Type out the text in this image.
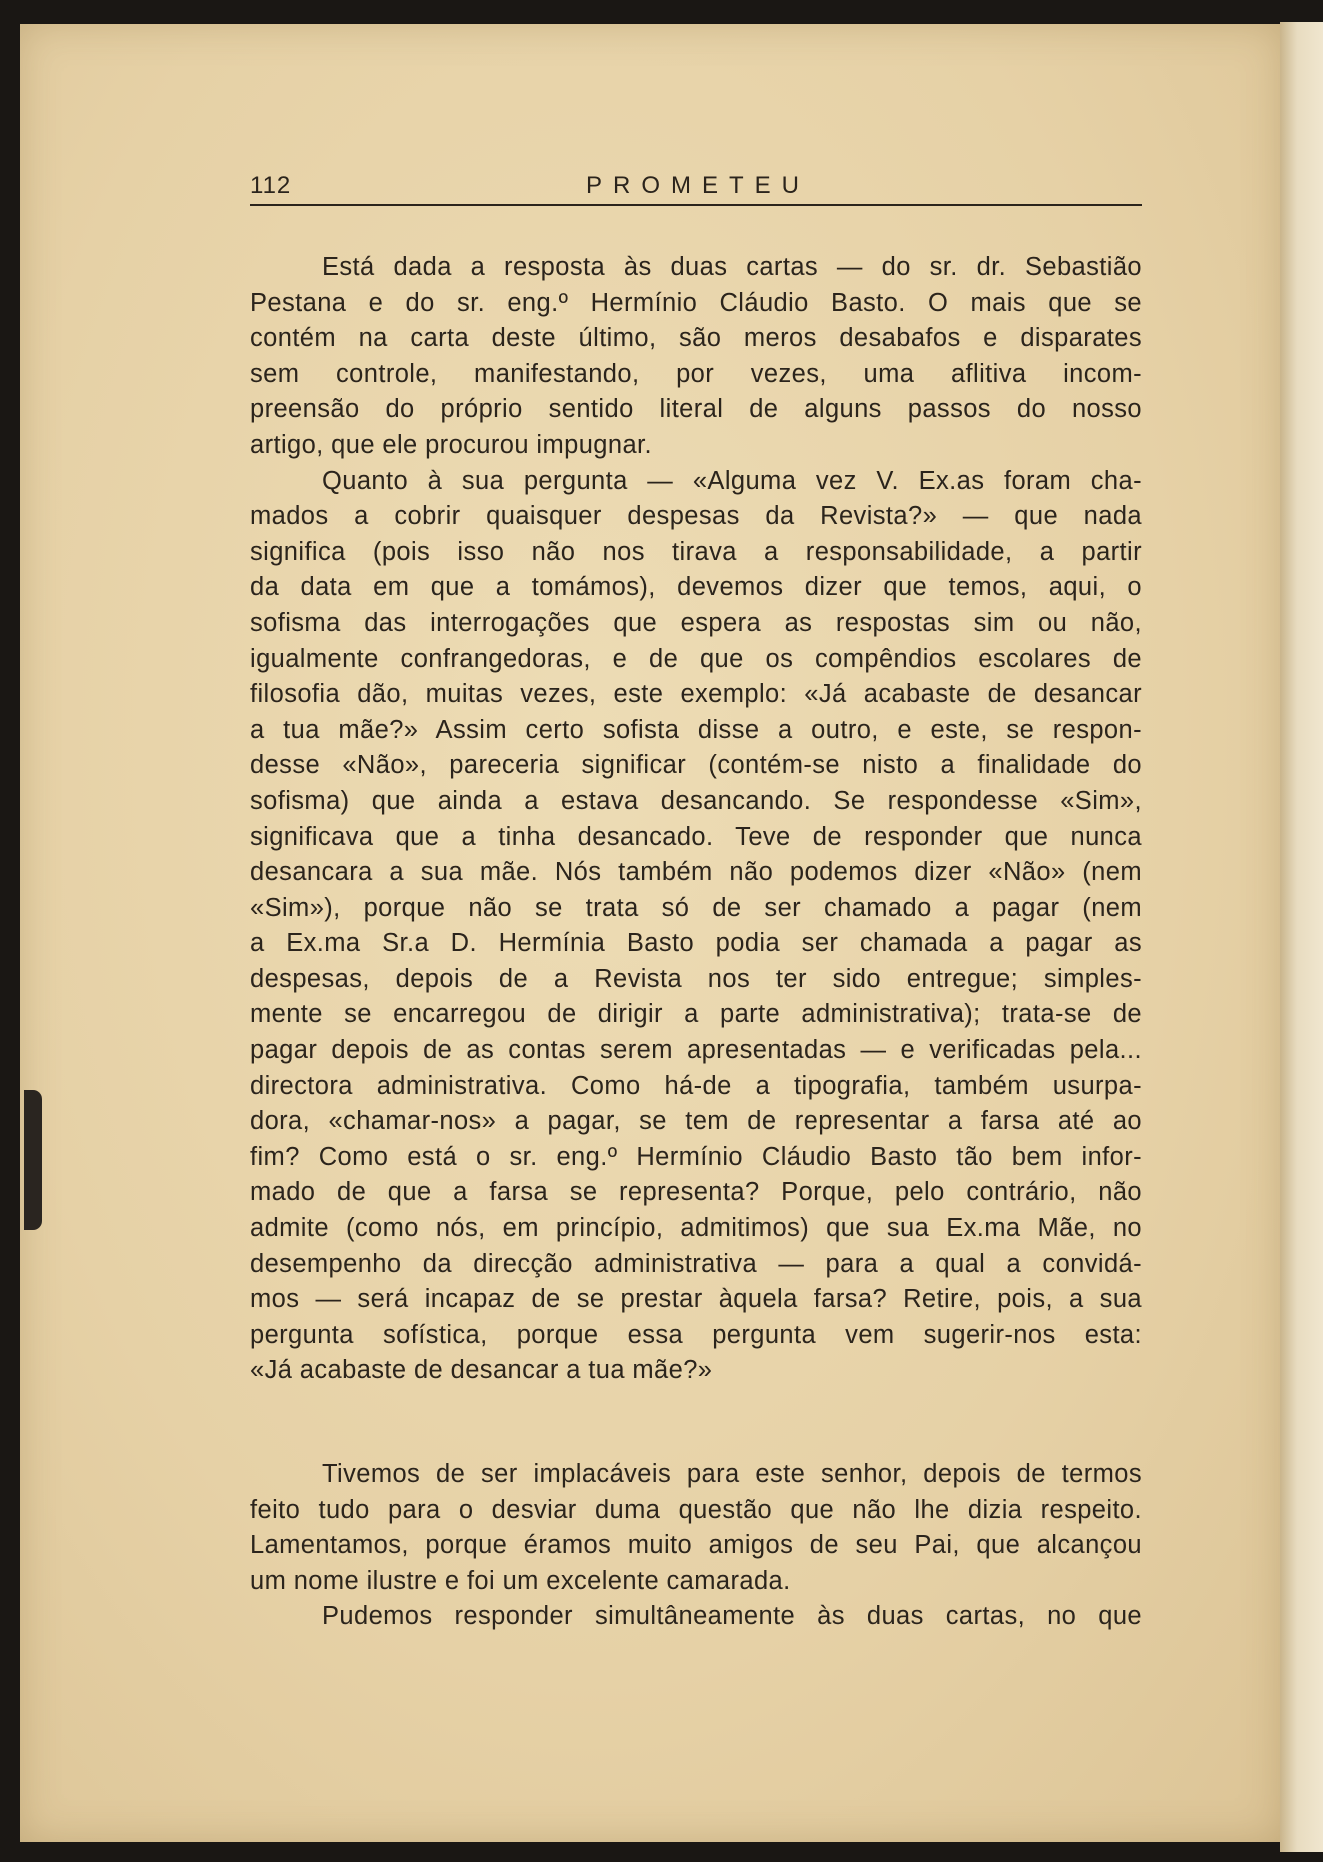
112	PROMETEU

Está dada a resposta às duas cartas — do sr. dr. Sebastião

Pestana e do sr. eng.º Hermínio Cláudio Basto. O mais que se

contém na carta deste último, são meros desabafos e disparates

sem controle, manifestando, por vezes, uma aflitiva incom-

preensão do próprio sentido literal de alguns passos do nosso

artigo, que ele procurou impugnar.

Quanto à sua pergunta — «Alguma vez V. Ex.as foram cha-

mados a cobrir quaisquer despesas da Revista?» — que nada

significa (pois isso não nos tirava a responsabilidade, a partir

da data em que a tomámos), devemos dizer que temos, aqui, o

sofisma das interrogações que espera as respostas sim ou não,

igualmente confrangedoras, e de que os compêndios escolares de

filosofia dão, muitas vezes, este exemplo: «Já acabaste de desancar

a tua mãe?» Assim certo sofista disse a outro, e este, se respon-

desse «Não», pareceria significar (contém-se nisto a finalidade do

sofisma) que ainda a estava desancando. Se respondesse «Sim»,

significava que a tinha desancado. Teve de responder que nunca

desancara a sua mãe. Nós também não podemos dizer «Não» (nem

«Sim»), porque não se trata só de ser chamado a pagar (nem

a Ex.ma Sr.a D. Hermínia Basto podia ser chamada a pagar as

despesas, depois de a Revista nos ter sido entregue; simples-

mente se encarregou de dirigir a parte administrativa); trata-se de

pagar depois de as contas serem apresentadas — e verificadas pela...

directora administrativa. Como há-de a tipografia, também usurpa-

dora, «chamar-nos» a pagar, se tem de representar a farsa até ao

fim? Como está o sr. eng.º Hermínio Cláudio Basto tão bem infor-

mado de que a farsa se representa? Porque, pelo contrário, não

admite (como nós, em princípio, admitimos) que sua Ex.ma Mãe, no

desempenho da direcção administrativa — para a qual a convidá-

mos — será incapaz de se prestar àquela farsa? Retire, pois, a sua

pergunta sofística, porque essa pergunta vem sugerir-nos esta:

«Já acabaste de desancar a tua mãe?»

Tivemos de ser implacáveis para este senhor, depois de termos

feito tudo para o desviar duma questão que não lhe dizia respeito.

Lamentamos, porque éramos muito amigos de seu Pai, que alcançou

um nome ilustre e foi um excelente camarada.

Pudemos responder simultâneamente às duas cartas, no que
